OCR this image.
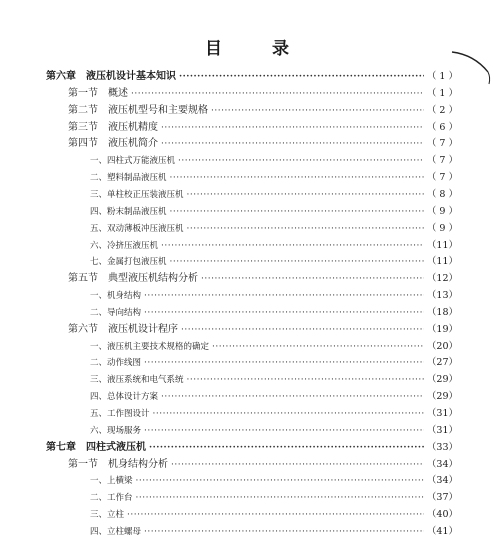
目 录
第六章 液压机设计基本知识 ·····	（ 1 ）
第一节 概述 ·····	（ 1 ）
第二节 液压机型号和主要规格 ·····	（ 2 ）
第三节 液压机精度 ·····	（ 6 ）
第四节 液压机简介 ·····	（ 7 ）
一、四柱式万能液压机 ·····	（ 7 ）
二、塑料制品液压机 ·····	（ 7 ）
三、单柱校正压装液压机 ·····	（ 8 ）
四、粉末制品液压机 ·····	（ 9 ）
五、双动薄板冲压液压机 ·····	（ 9 ）
六、冷挤压液压机 ·····	（11）
七、金属打包液压机 ·····	（11）
第五节 典型液压机结构分析 ·····	（12）
一、机身结构 ·····	（13）
二、导向结构 ·····	（18）
第六节 液压机设计程序 ·····	（19）
一、液压机主要技术规格的确定 ·····	（20）
二、动作线图 ·····	（27）
三、液压系统和电气系统 ·····	（29）
四、总体设计方案 ·····	（29）
五、工作图设计 ·····	（31）
六、现场服务 ·····	（31）
第七章 四柱式液压机 ·····	（33）
第一节 机身结构分析 ·····	（34）
一、上横梁 ·····	（34）
二、工作台 ·····	（37）
三、立柱 ·····	（40）
四、立柱螺母 ·····	（41）
